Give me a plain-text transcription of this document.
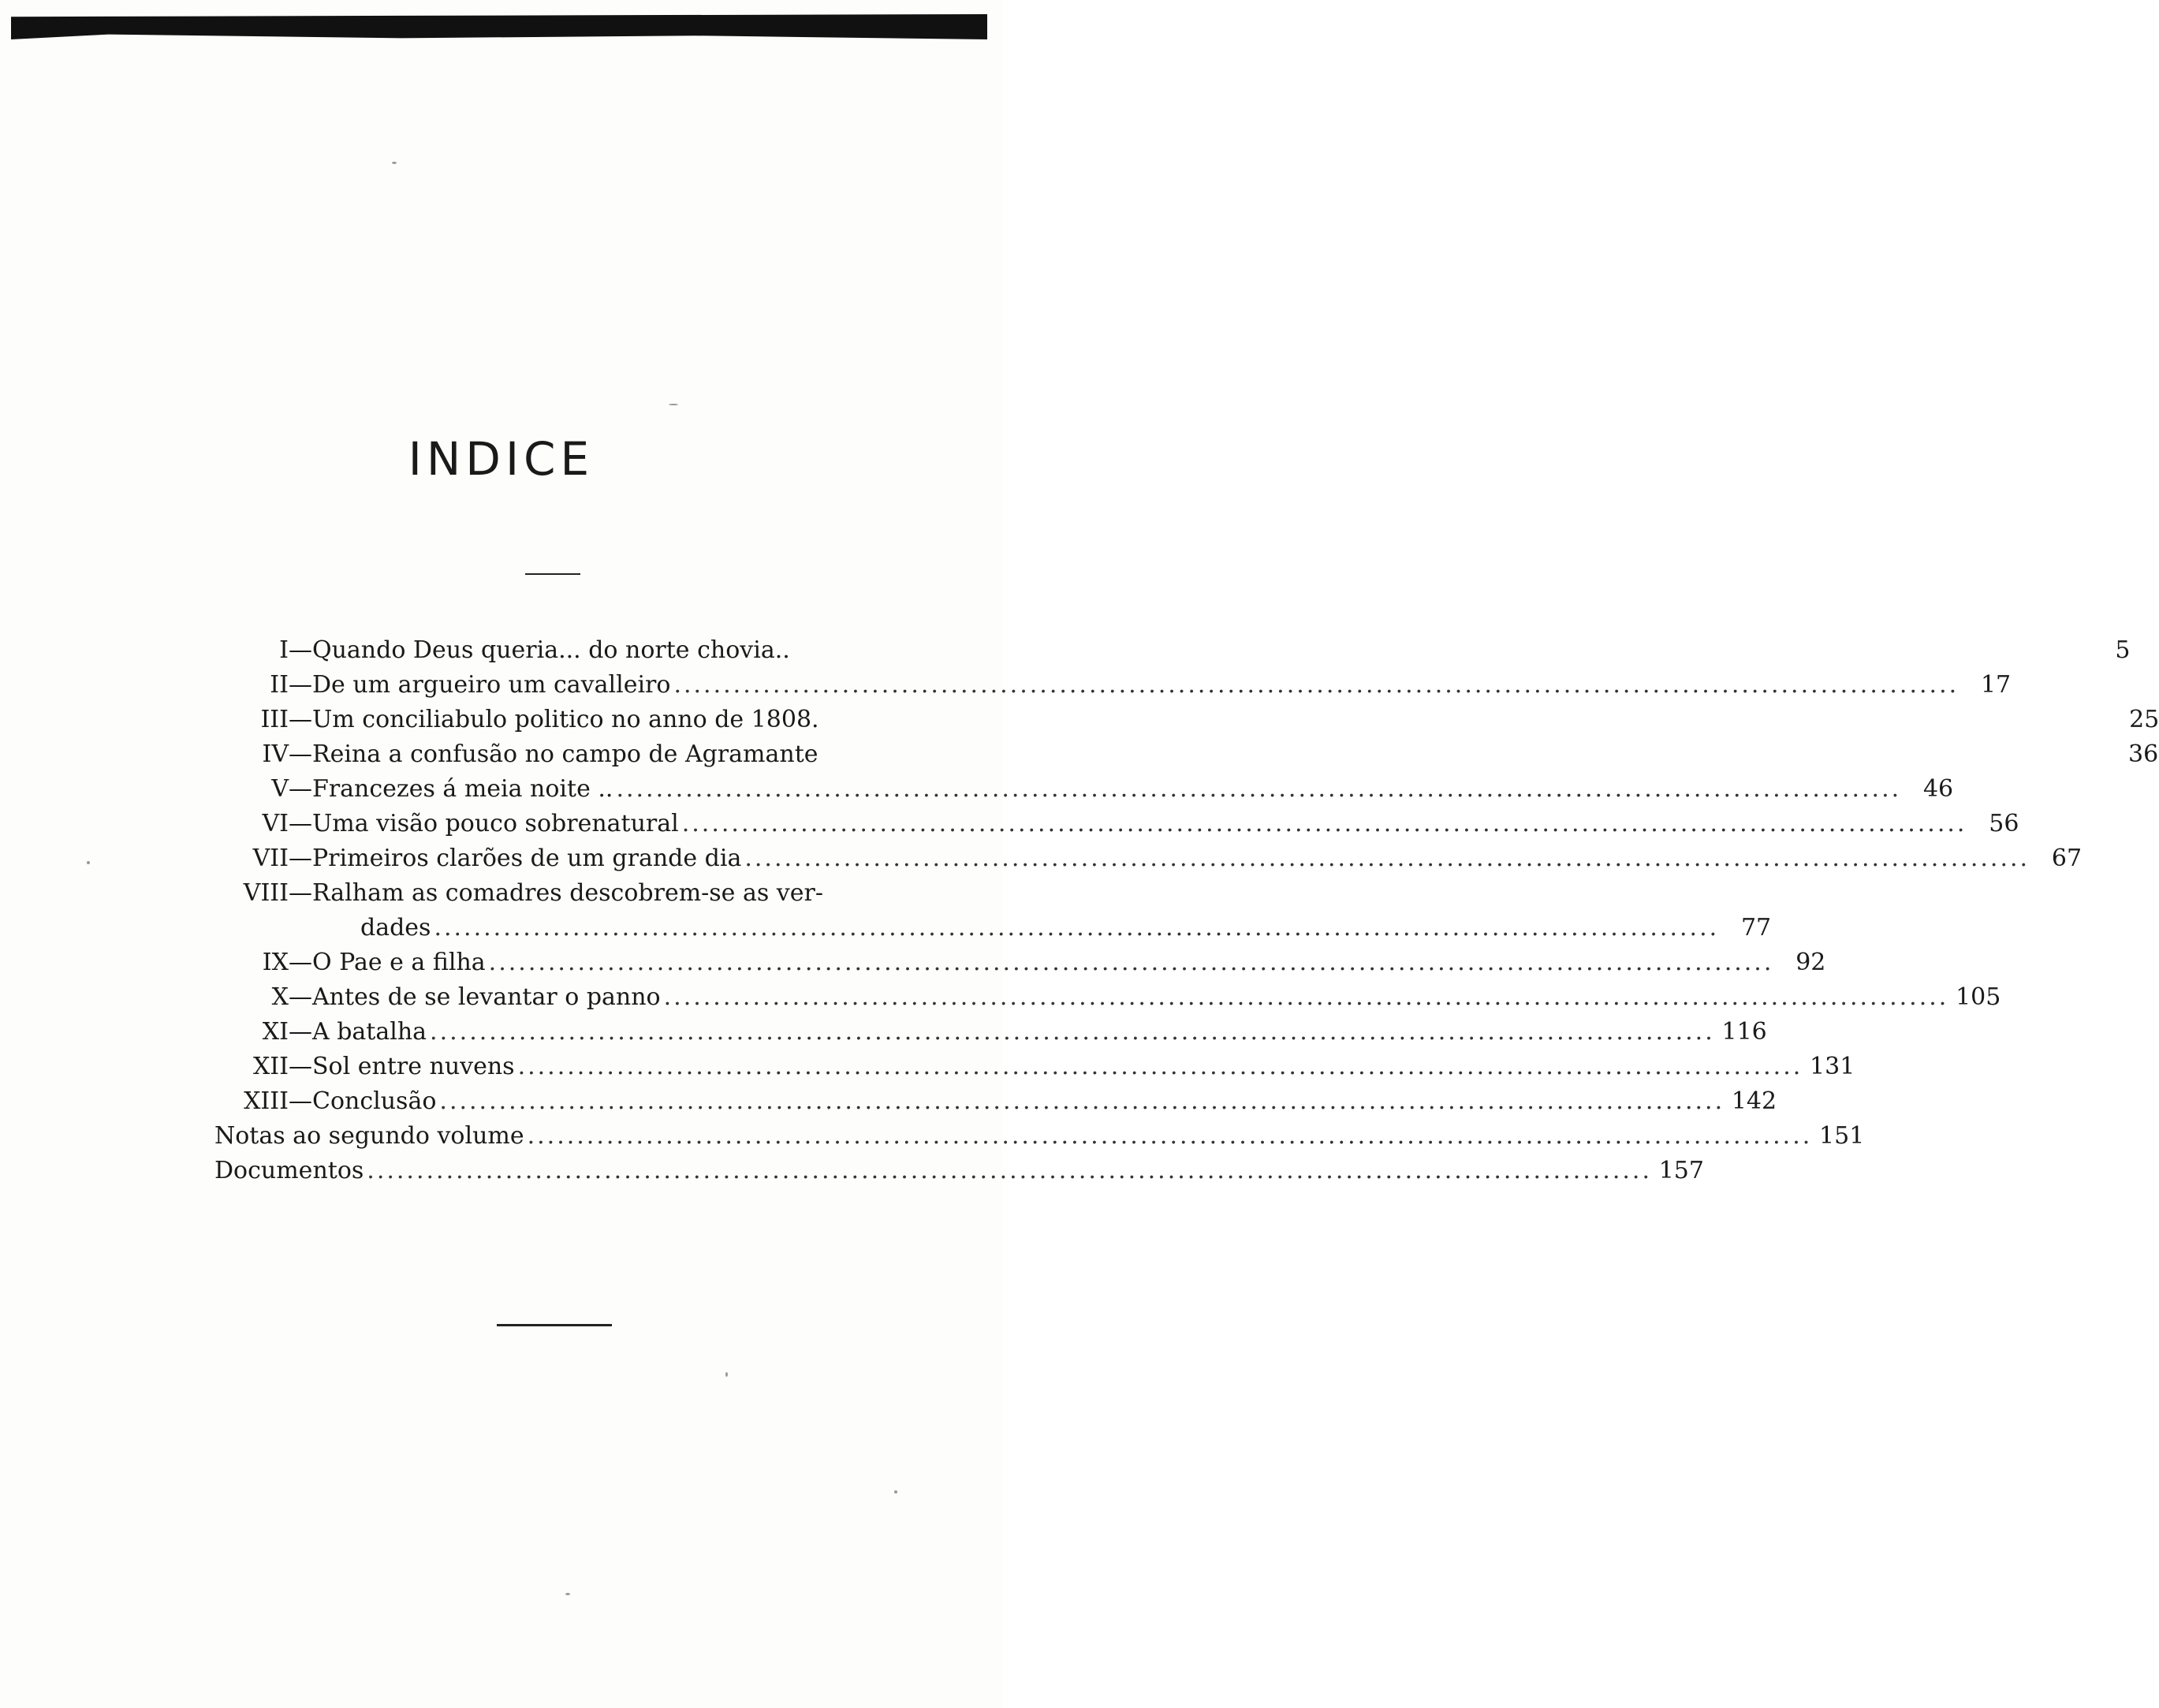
INDICE
I— Quando Deus queria... do norte chovia..	5
II— De um argueiro um cavalleiro .....	17
III— Um conciliabulo politico no anno de 1808.	25
IV— Reina a confusão no campo de Agramante	36
V— Francezes á meia noite .. .....	46
VI— Uma visão pouco sobrenatural .....	56
VII— Primeiros clarões de um grande dia .....	67
VIII— Ralham as comadres descobrem-se as ver-
dades .....	77
IX— O Pae e a filha .....	92
X— Antes de se levantar o panno .....	105
XI— A batalha .....	116
XII— Sol entre nuvens .....	131
XIII— Conclusão .....	142
Notas ao segundo volume .....	151
Documentos .....	157
